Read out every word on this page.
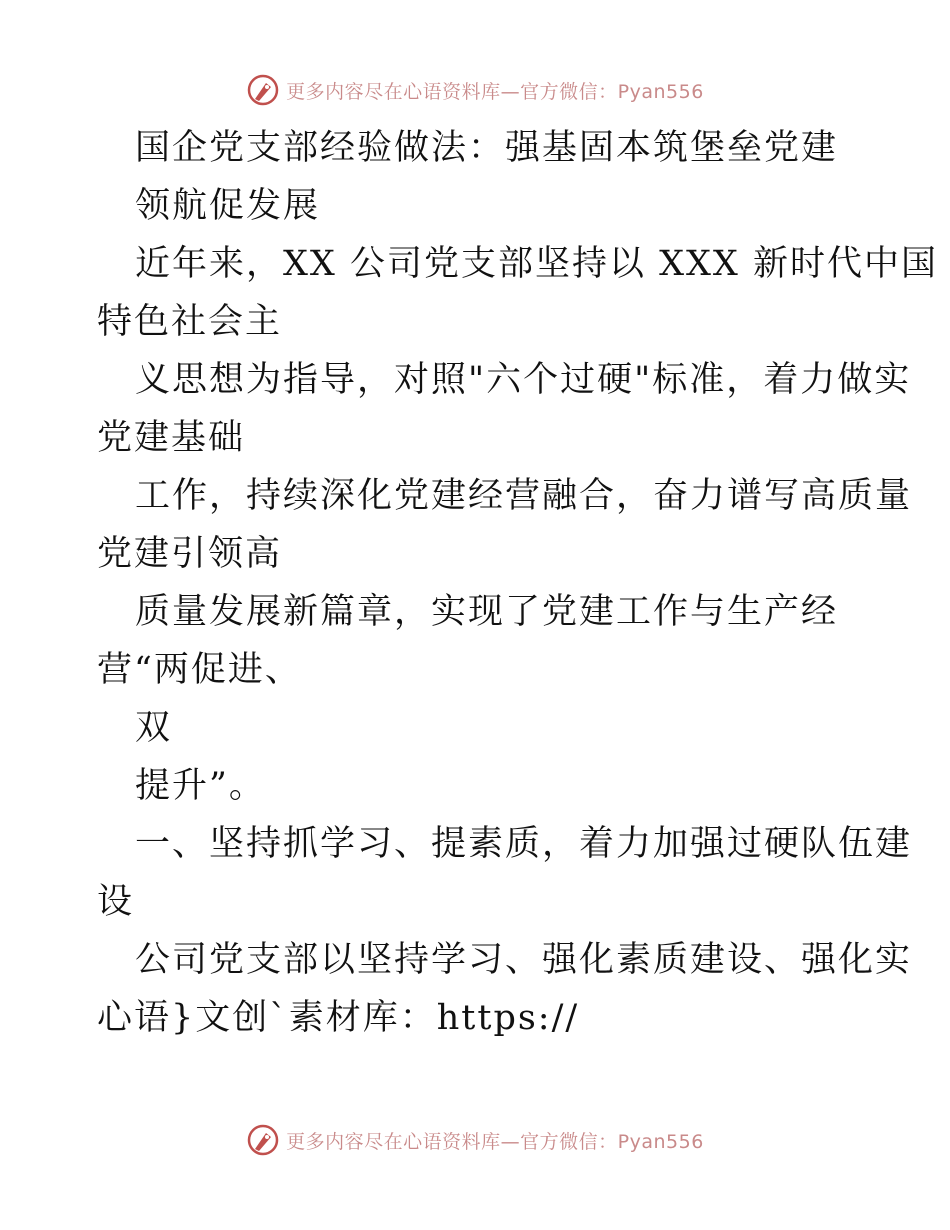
更多内容尽在心语资料库—官方微信：Pyan556
国企党支部经验做法：强基固本筑堡垒党建
领航促发展
近年来，XX 公司党支部坚持以 XXX 新时代中国
特色社会主
义思想为指导，对照"六个过硬"标准，着力做实
党建基础
工作，持续深化党建经营融合，奋力谱写高质量
党建引领高
质量发展新篇章，实现了党建工作与生产经
营“两促进、
双
提升”。
一、坚持抓学习、提素质，着力加强过硬队伍建
设
公司党支部以坚持学习、强化素质建设、强化实
心语}文创`素材库：https://
更多内容尽在心语资料库—官方微信：Pyan556
